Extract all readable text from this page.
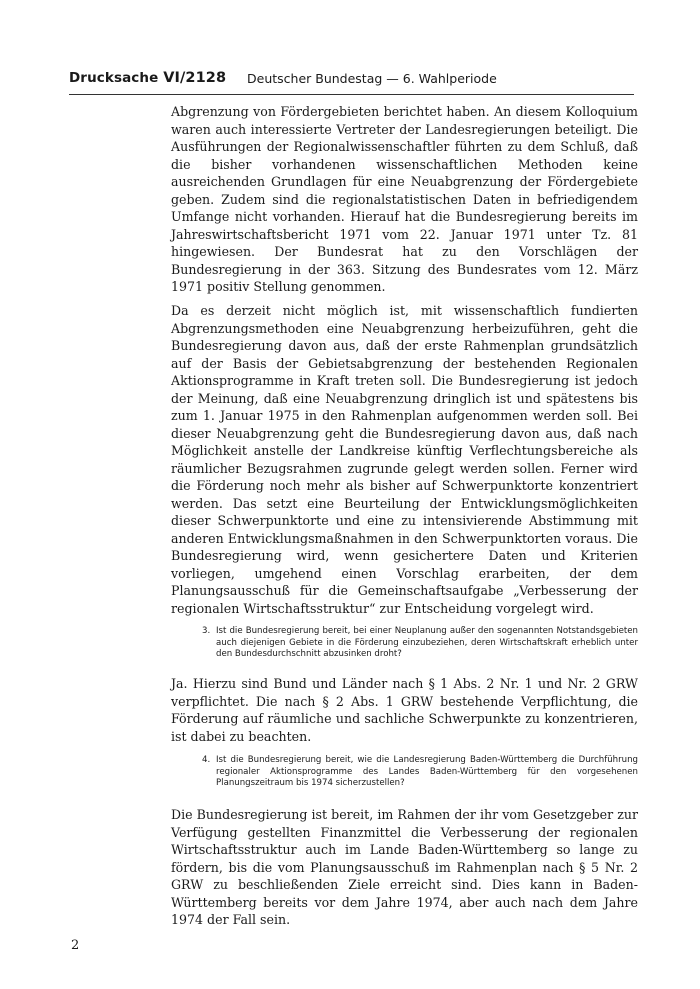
Drucksache VI/2128 Deutscher Bundestag — 6. Wahlperiode

Abgrenzung von Fördergebieten berichtet haben. An diesem Kolloquium waren auch interessierte Vertreter der Landesregierungen beteiligt. Die Ausführungen der Regionalwissenschaftler führten zu dem Schluß, daß die bisher vorhandenen wissenschaftlichen Methoden keine ausreichenden Grundlagen für eine Neuabgrenzung der Fördergebiete geben. Zudem sind die regionalstatistischen Daten in befriedigendem Umfange nicht vorhanden. Hierauf hat die Bundesregierung bereits im Jahreswirtschaftsbericht 1971 vom 22. Januar 1971 unter Tz. 81 hingewiesen. Der Bundesrat hat zu den Vorschlägen der Bundesregierung in der 363. Sitzung des Bundesrates vom 12. März 1971 positiv Stellung genommen.

Da es derzeit nicht möglich ist, mit wissenschaftlich fundierten Abgrenzungsmethoden eine Neuabgrenzung herbeizuführen, geht die Bundesregierung davon aus, daß der erste Rahmenplan grundsätzlich auf der Basis der Gebietsabgrenzung der bestehenden Regionalen Aktionsprogramme in Kraft treten soll. Die Bundesregierung ist jedoch der Meinung, daß eine Neuabgrenzung dringlich ist und spätestens bis zum 1. Januar 1975 in den Rahmenplan aufgenommen werden soll. Bei dieser Neuabgrenzung geht die Bundesregierung davon aus, daß nach Möglichkeit anstelle der Landkreise künftig Verflechtungsbereiche als räumlicher Bezugsrahmen zugrunde gelegt werden sollen. Ferner wird die Förderung noch mehr als bisher auf Schwerpunktorte konzentriert werden. Das setzt eine Beurteilung der Entwicklungsmöglichkeiten dieser Schwerpunktorte und eine zu intensivierende Abstimmung mit anderen Entwicklungsmaßnahmen in den Schwerpunktorten voraus. Die Bundesregierung wird, wenn gesichertere Daten und Kriterien vorliegen, umgehend einen Vorschlag erarbeiten, der dem Planungsausschuß für die Gemeinschaftsaufgabe „Verbesserung der regionalen Wirtschaftsstruktur“ zur Entscheidung vorgelegt wird.

3. Ist die Bundesregierung bereit, bei einer Neuplanung außer den sogenannten Notstandsgebieten auch diejenigen Gebiete in die Förderung einzubeziehen, deren Wirtschaftskraft erheblich unter den Bundesdurchschnitt abzusinken droht?

Ja. Hierzu sind Bund und Länder nach § 1 Abs. 2 Nr. 1 und Nr. 2 GRW verpflichtet. Die nach § 2 Abs. 1 GRW bestehende Verpflichtung, die Förderung auf räumliche und sachliche Schwerpunkte zu konzentrieren, ist dabei zu beachten.

4. Ist die Bundesregierung bereit, wie die Landesregierung Baden-Württemberg die Durchführung regionaler Aktionsprogramme des Landes Baden-Württemberg für den vorgesehenen Planungszeitraum bis 1974 sicherzustellen?

Die Bundesregierung ist bereit, im Rahmen der ihr vom Gesetzgeber zur Verfügung gestellten Finanzmittel die Verbesserung der regionalen Wirtschaftsstruktur auch im Lande Baden-Württemberg so lange zu fördern, bis die vom Planungsausschuß im Rahmenplan nach § 5 Nr. 2 GRW zu beschließenden Ziele erreicht sind. Dies kann in Baden-Württemberg bereits vor dem Jahre 1974, aber auch nach dem Jahre 1974 der Fall sein.

2
